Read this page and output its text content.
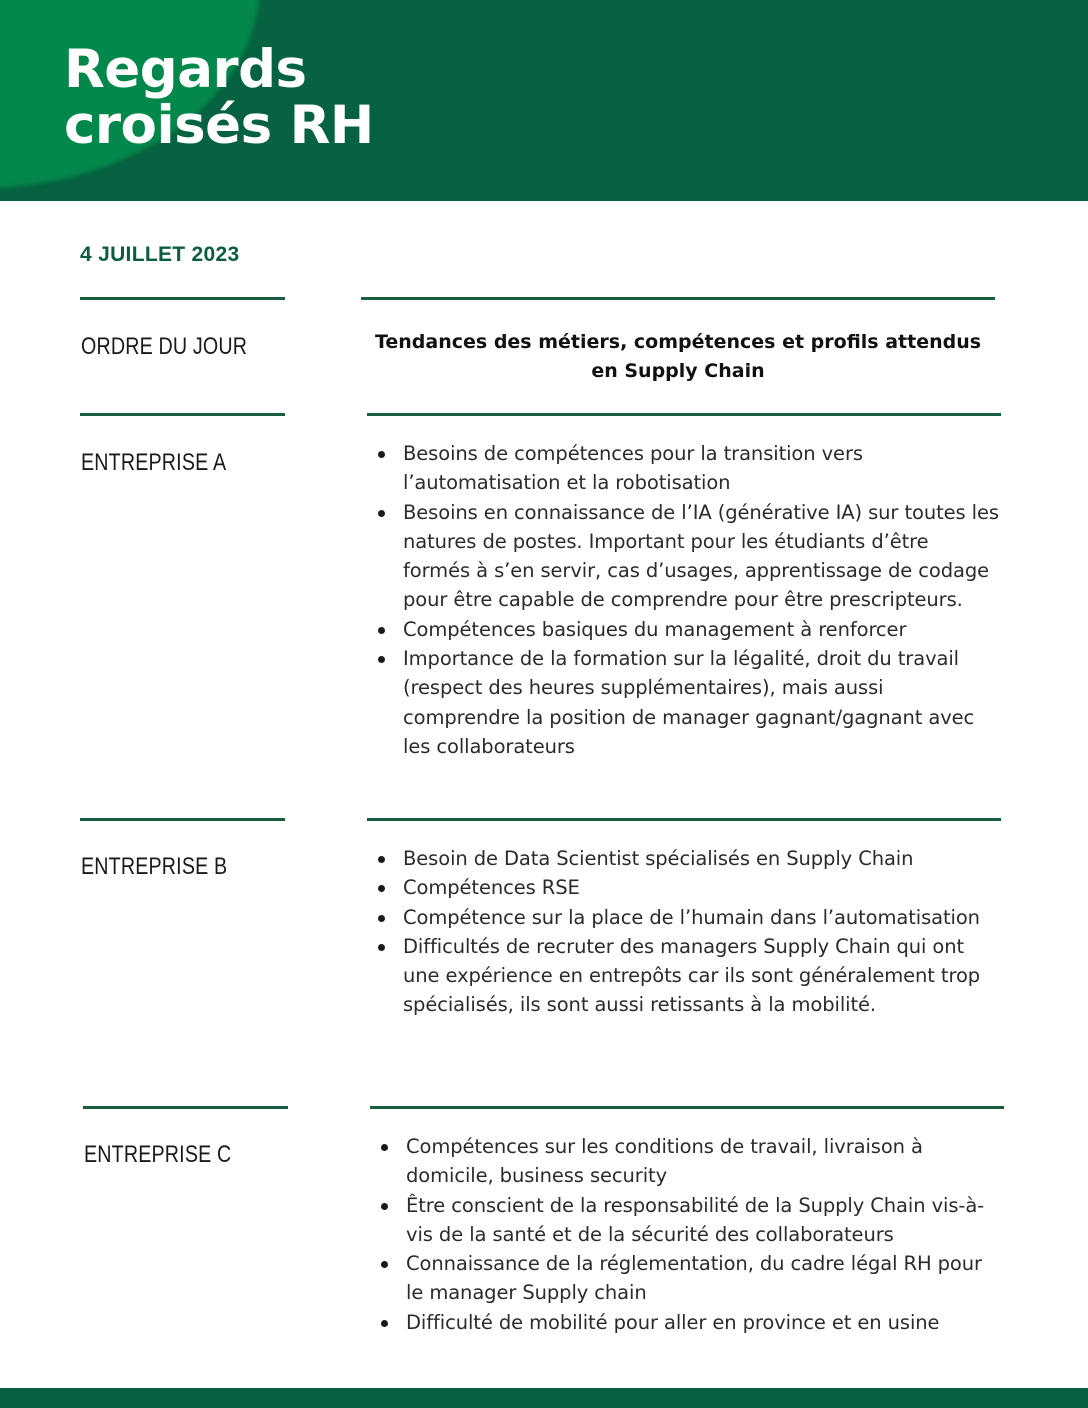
Regards
croisés RH
4 JUILLET 2023
ORDRE DU JOUR	Tendances des métiers, compétences et profils attendus en Supply Chain
ENTREPRISE A	Besoins de compétences pour la transition vers l’automatisation et la robotisation
Besoins en connaissance de l’IA (générative IA) sur toutes les natures de postes. Important pour les étudiants d’être formés à s’en servir, cas d’usages, apprentissage de codage pour être capable de comprendre pour être prescripteurs.
Compétences basiques du management à renforcer
Importance de la formation sur la légalité, droit du travail (respect des heures supplémentaires), mais aussi comprendre la position de manager gagnant/gagnant avec les collaborateurs
ENTREPRISE B	Besoin de Data Scientist spécialisés en Supply Chain
Compétences RSE
Compétence sur la place de l’humain dans l’automatisation
Difficultés de recruter des managers Supply Chain qui ont une expérience en entrepôts car ils sont généralement trop spécialisés, ils sont aussi retissants à la mobilité.
ENTREPRISE C	Compétences sur les conditions de travail, livraison à domicile, business security
Être conscient de la responsabilité de la Supply Chain vis-à-vis de la santé et de la sécurité des collaborateurs
Connaissance de la réglementation, du cadre légal RH pour le manager Supply chain
Difficulté de mobilité pour aller en province et en usine
